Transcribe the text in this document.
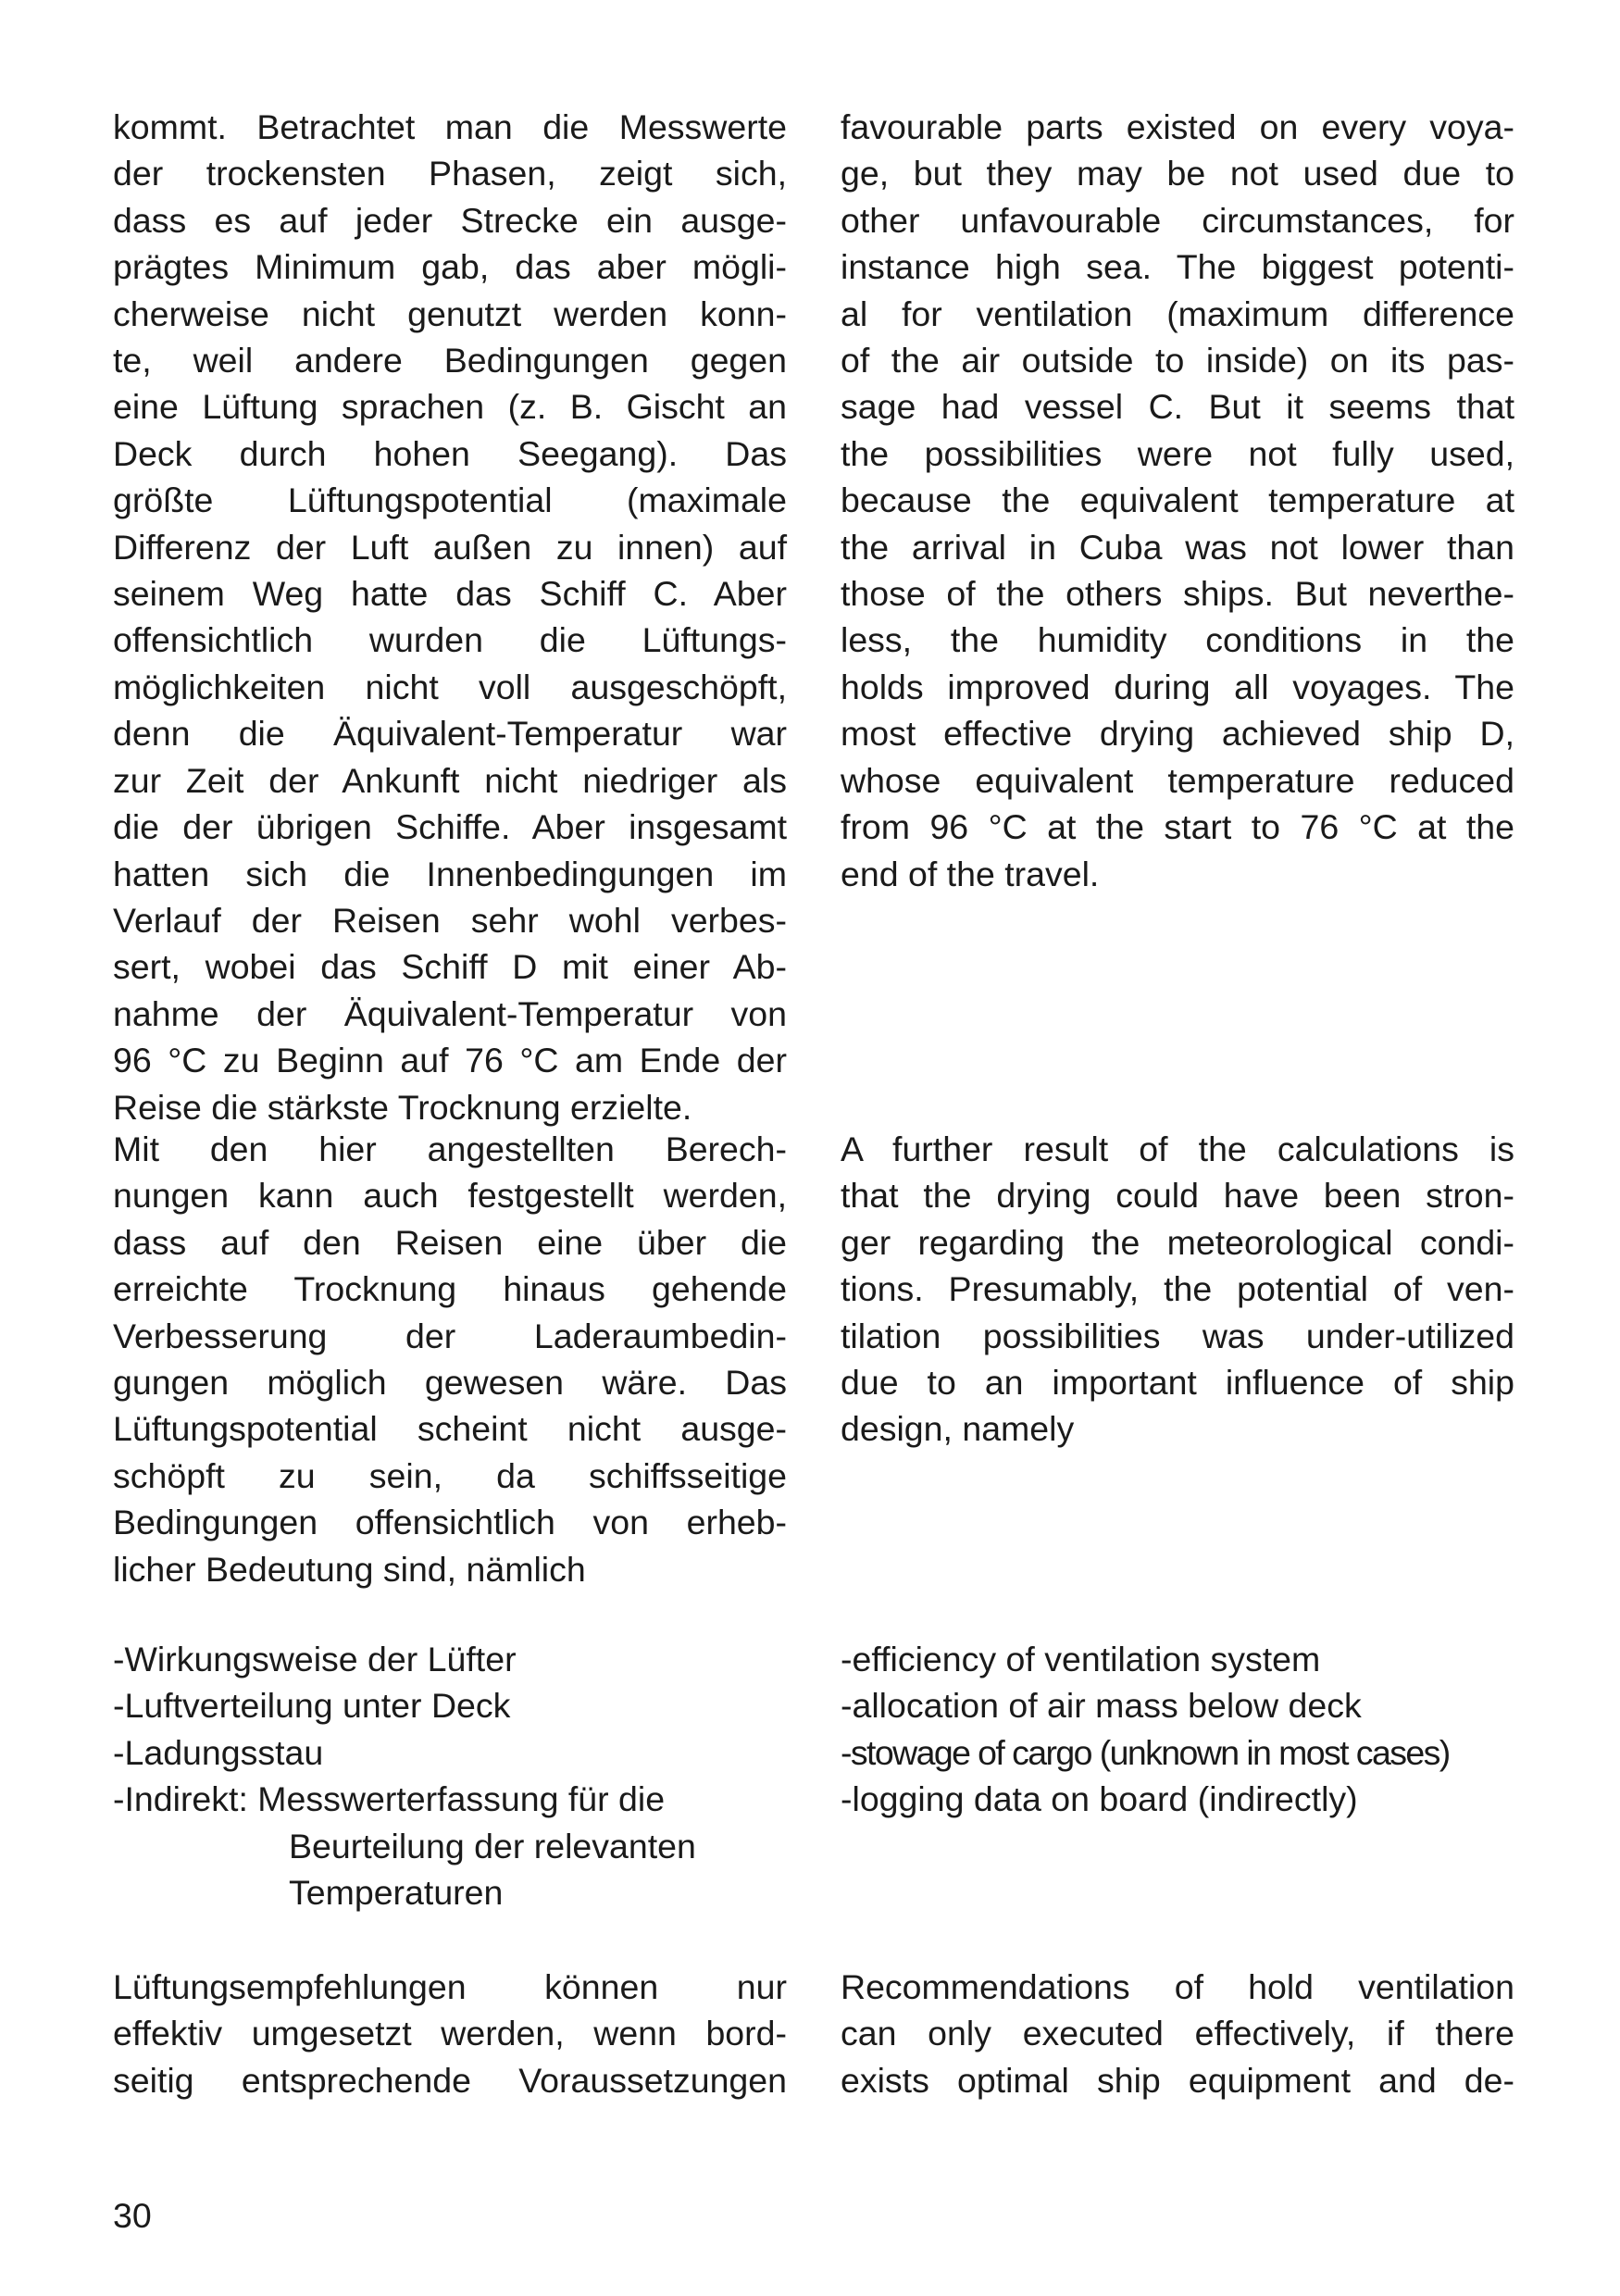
kommt. Betrachtet man die Messwerte
der trockensten Phasen, zeigt sich,
dass es auf jeder Strecke ein ausge-
prägtes Minimum gab, das aber mögli-
cherweise nicht genutzt werden konn-
te, weil andere Bedingungen gegen
eine Lüftung sprachen (z. B. Gischt an
Deck durch hohen Seegang). Das
größte Lüftungspotential (maximale
Differenz der Luft außen zu innen) auf
seinem Weg hatte das Schiff C. Aber
offensichtlich wurden die Lüftungs-
möglichkeiten nicht voll ausgeschöpft,
denn die Äquivalent-Temperatur war
zur Zeit der Ankunft nicht niedriger als
die der übrigen Schiffe. Aber insgesamt
hatten sich die Innenbedingungen im
Verlauf der Reisen sehr wohl verbes-
sert, wobei das Schiff D mit einer Ab-
nahme der Äquivalent-Temperatur von
96 °C zu Beginn auf 76 °C am Ende der
Reise die stärkste Trocknung erzielte.

Mit den hier angestellten Berech-
nungen kann auch festgestellt werden,
dass auf den Reisen eine über die
erreichte Trocknung hinaus gehende
Verbesserung der Laderaumbedin-
gungen möglich gewesen wäre. Das
Lüftungspotential scheint nicht ausge-
schöpft zu sein, da schiffsseitige
Bedingungen offensichtlich von erheb-
licher Bedeutung sind, nämlich

-Wirkungsweise der Lüfter
-Luftverteilung unter Deck
-Ladungsstau
-Indirekt: Messwerterfassung für die
Beurteilung der relevanten
Temperaturen

Lüftungsempfehlungen können nur
effektiv umgesetzt werden, wenn bord-
seitig entsprechende Voraussetzungen

favourable parts existed on every voya-
ge, but they may be not used due to
other unfavourable circumstances, for
instance high sea. The biggest potenti-
al for ventilation (maximum difference
of the air outside to inside) on its pas-
sage had vessel C. But it seems that
the possibilities were not fully used,
because the equivalent temperature at
the arrival in Cuba was not lower than
those of the others ships. But neverthe-
less, the humidity conditions in the
holds improved during all voyages. The
most effective drying achieved ship D,
whose equivalent temperature reduced
from 96 °C at the start to 76 °C at the
end of the travel.

A further result of the calculations is
that the drying could have been stron-
ger regarding the meteorological condi-
tions. Presumably, the potential of ven-
tilation possibilities was under-utilized
due to an important influence of ship
design, namely

-efficiency of ventilation system
-allocation of air mass below deck
-stowage of cargo (unknown in most cases)
-logging data on board (indirectly)

Recommendations of hold ventilation
can only executed effectively, if there
exists optimal ship equipment and de-

30
